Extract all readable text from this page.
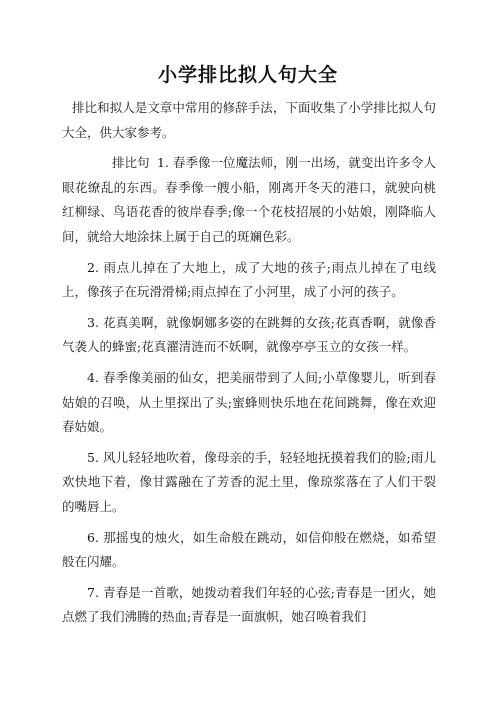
小学排比拟人句大全

排比和拟人是文章中常用的修辞手法，下面收集了小学排比拟人句大全，供大家参考。

排比句 1. 春季像一位魔法师，刚一出场，就变出许多令人眼花缭乱的东西。春季像一艘小船，刚离开冬天的港口，就驶向桃红柳绿、鸟语花香的彼岸春季;像一个花枝招展的小姑娘，刚降临人间，就给大地涂抹上属于自己的斑斓色彩。

2. 雨点儿掉在了大地上，成了大地的孩子;雨点儿掉在了电线上，像孩子在玩滑滑梯;雨点掉在了小河里，成了小河的孩子。

3. 花真美啊，就像婀娜多姿的在跳舞的女孩;花真香啊，就像香气袭人的蜂蜜;花真濯清涟而不妖啊，就像亭亭玉立的女孩一样。

4. 春季像美丽的仙女，把美丽带到了人间;小草像婴儿，听到春姑娘的召唤，从土里探出了头;蜜蜂则快乐地在花间跳舞，像在欢迎春姑娘。

5. 风儿轻轻地吹着，像母亲的手，轻轻地抚摸着我们的脸;雨儿欢快地下着，像甘露融在了芳香的泥土里，像琼浆落在了人们干裂的嘴唇上。

6. 那摇曳的烛火，如生命般在跳动，如信仰般在燃烧，如希望般在闪耀。

7. 青春是一首歌，她拨动着我们年轻的心弦;青春是一团火，她点燃了我们沸腾的热血;青春是一面旗帜，她召唤着我们
